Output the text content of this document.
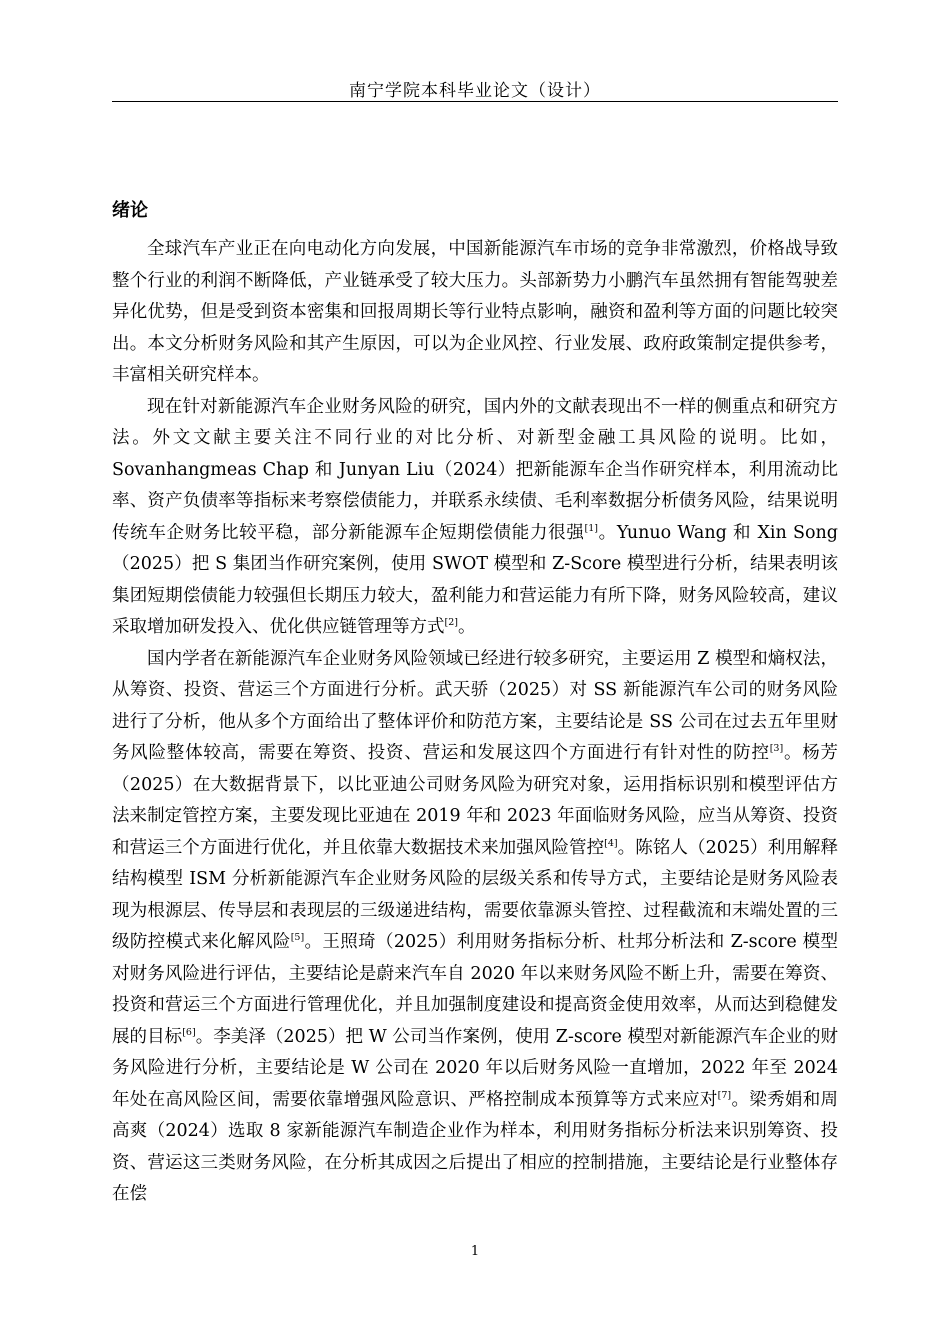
南宁学院本科毕业论文（设计）
绪论

全球汽车产业正在向电动化方向发展，中国新能源汽车市场的竞争非常激烈，价格战导致整个行业的利润不断降低，产业链承受了较大压力。头部新势力小鹏汽车虽然拥有智能驾驶差异化优势，但是受到资本密集和回报周期长等行业特点影响，融资和盈利等方面的问题比较突出。本文分析财务风险和其产生原因，可以为企业风控、行业发展、政府政策制定提供参考，丰富相关研究样本。

现在针对新能源汽车企业财务风险的研究，国内外的文献表现出不一样的侧重点和研究方法。外文文献主要关注不同行业的对比分析、对新型金融工具风险的说明。比如，Sovanhangmeas Chap 和 Junyan Liu（2024）把新能源车企当作研究样本，利用流动比率、资产负债率等指标来考察偿债能力，并联系永续债、毛利率数据分析债务风险，结果说明传统车企财务比较平稳，部分新能源车企短期偿债能力很强[1]。Yunuo Wang 和 Xin Song（2025）把 S 集团当作研究案例，使用 SWOT 模型和 Z-Score 模型进行分析，结果表明该集团短期偿债能力较强但长期压力较大，盈利能力和营运能力有所下降，财务风险较高，建议采取增加研发投入、优化供应链管理等方式[2]。

国内学者在新能源汽车企业财务风险领域已经进行较多研究，主要运用 Z 模型和熵权法，从筹资、投资、营运三个方面进行分析。武天骄（2025）对 SS 新能源汽车公司的财务风险进行了分析，他从多个方面给出了整体评价和防范方案，主要结论是 SS 公司在过去五年里财务风险整体较高，需要在筹资、投资、营运和发展这四个方面进行有针对性的防控[3]。杨芳（2025）在大数据背景下，以比亚迪公司财务风险为研究对象，运用指标识别和模型评估方法来制定管控方案，主要发现比亚迪在 2019 年和 2023 年面临财务风险，应当从筹资、投资和营运三个方面进行优化，并且依靠大数据技术来加强风险管控[4]。陈铭人（2025）利用解释结构模型 ISM 分析新能源汽车企业财务风险的层级关系和传导方式，主要结论是财务风险表现为根源层、传导层和表现层的三级递进结构，需要依靠源头管控、过程截流和末端处置的三级防控模式来化解风险[5]。王照琦（2025）利用财务指标分析、杜邦分析法和 Z-score 模型对财务风险进行评估，主要结论是蔚来汽车自 2020 年以来财务风险不断上升，需要在筹资、投资和营运三个方面进行管理优化，并且加强制度建设和提高资金使用效率，从而达到稳健发展的目标[6]。李美泽（2025）把 W 公司当作案例，使用 Z-score 模型对新能源汽车企业的财务风险进行分析，主要结论是 W 公司在 2020 年以后财务风险一直增加，2022 年至 2024 年处在高风险区间，需要依靠增强风险意识、严格控制成本预算等方式来应对[7]。梁秀娟和周高爽（2024）选取 8 家新能源汽车制造企业作为样本，利用财务指标分析法来识别筹资、投资、营运这三类财务风险，在分析其成因之后提出了相应的控制措施，主要结论是行业整体存在偿

1
